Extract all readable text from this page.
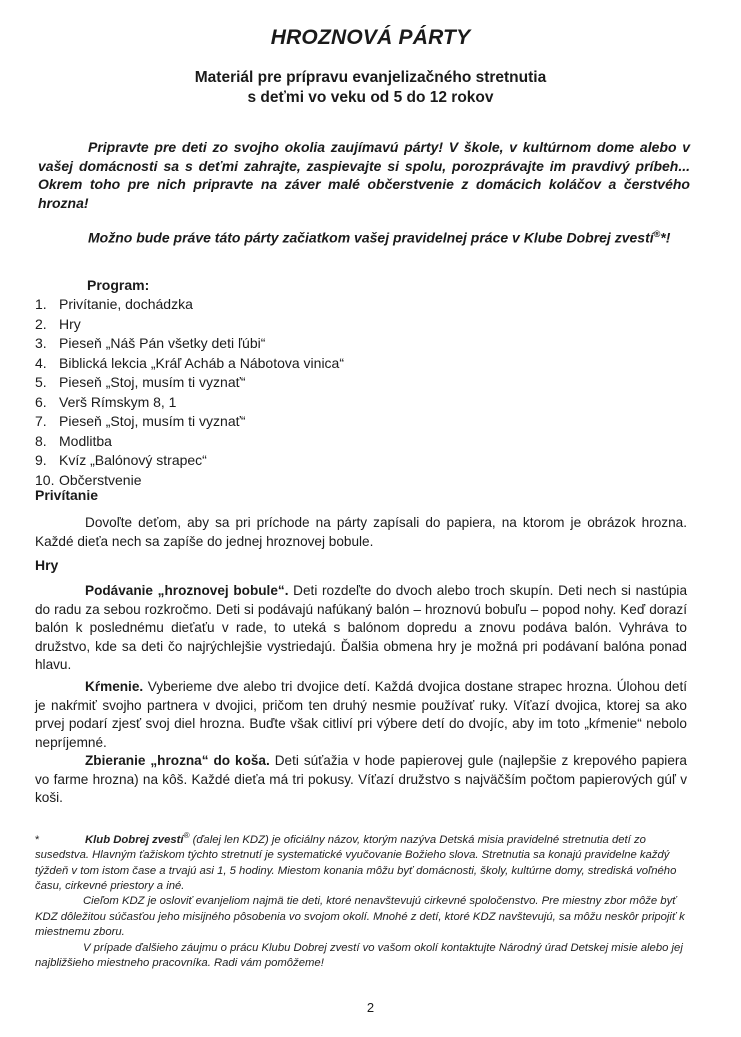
HROZNOVÁ PÁRTY
Materiál pre prípravu evanjelizačného stretnutia
s deťmi vo veku od 5 do 12 rokov

Pripravte pre deti zo svojho okolia zaujímavú párty! V škole, v kultúrnom dome alebo v vašej domácnosti sa s deťmi zahrajte, zaspievajte si spolu, porozprávajte im pravdivý príbeh... Okrem toho pre nich pripravte na záver malé občerstvenie z domácich koláčov a čerstvého hrozna!

Možno bude práve táto párty začiatkom vašej pravidelnej práce v Klube Dobrej zvestí®*!

Program:
1. Privítanie, dochádzka
2. Hry
3. Pieseň „Náš Pán všetky deti ľúbi“
4. Biblická lekcia „Kráľ Acháb a Nábotova vinica“
5. Pieseň „Stoj, musím ti vyznať“
6. Verš Rímskym 8, 1
7. Pieseň „Stoj, musím ti vyznať“
8. Modlitba
9. Kvíz „Balónový strapec“
10. Občerstvenie
Privítanie

Dovoľte deťom, aby sa pri príchode na párty zapísali do papiera, na ktorom je obrázok hrozna. Každé dieťa nech sa zapíše do jednej hroznovej bobule.

Hry

Podávanie „hroznovej bobule“. Deti rozdeľte do dvoch alebo troch skupín. Deti nech si nastúpia do radu za sebou rozkročmo. Deti si podávajú nafúkaný balón – hroznovú bobuľu – popod nohy. Keď dorazí balón k poslednému dieťaťu v rade, to uteká s balónom dopredu a znovu podáva balón. Vyhráva to družstvo, kde sa deti čo najrýchlejšie vystriedajú. Ďalšia obmena hry je možná pri podávaní balóna ponad hlavu.

Kŕmenie. Vyberieme dve alebo tri dvojice detí. Každá dvojica dostane strapec hrozna. Úlohou detí je nakŕmiť svojho partnera v dvojici, pričom ten druhý nesmie používať ruky. Víťazí dvojica, ktorej sa ako prvej podarí zjesť svoj diel hrozna. Buďte však citliví pri výbere detí do dvojíc, aby im toto „kŕmenie“ nebolo nepríjemné.

Zbieranie „hrozna“ do koša. Deti súťažia v hode papierovej gule (najlepšie z krepového papiera vo farme hrozna) na kôš. Každé dieťa má tri pokusy. Víťazí družstvo s najväčším počtom papierových gúľ v koši.

*	Klub Dobrej zvestí® (ďalej len KDZ) je oficiálny názov, ktorým nazýva Detská misia pravidelné stretnutia detí zo susedstva. Hlavným ťažiskom týchto stretnutí je systematické vyučovanie Božieho slova. Stretnutia sa konajú pravidelne každý týždeň v tom istom čase a trvajú asi 1, 5 hodiny. Miestom konania môžu byť domácnosti, školy, kultúrne domy, strediská voľného času, cirkevné priestory a iné.

Cieľom KDZ je osloviť evanjeliom najmä tie deti, ktoré nenavštevujú cirkevné spoločenstvo. Pre miestny zbor môže byť KDZ dôležitou súčasťou jeho misijného pôsobenia vo svojom okolí. Mnohé z detí, ktoré KDZ navštevujú, sa môžu neskôr pripojiť k miestnemu zboru.

V prípade ďalšieho záujmu o prácu Klubu Dobrej zvestí vo vašom okolí kontaktujte Národný úrad Detskej misie alebo jej najbližšieho miestneho pracovníka. Radi vám pomôžeme!

2
